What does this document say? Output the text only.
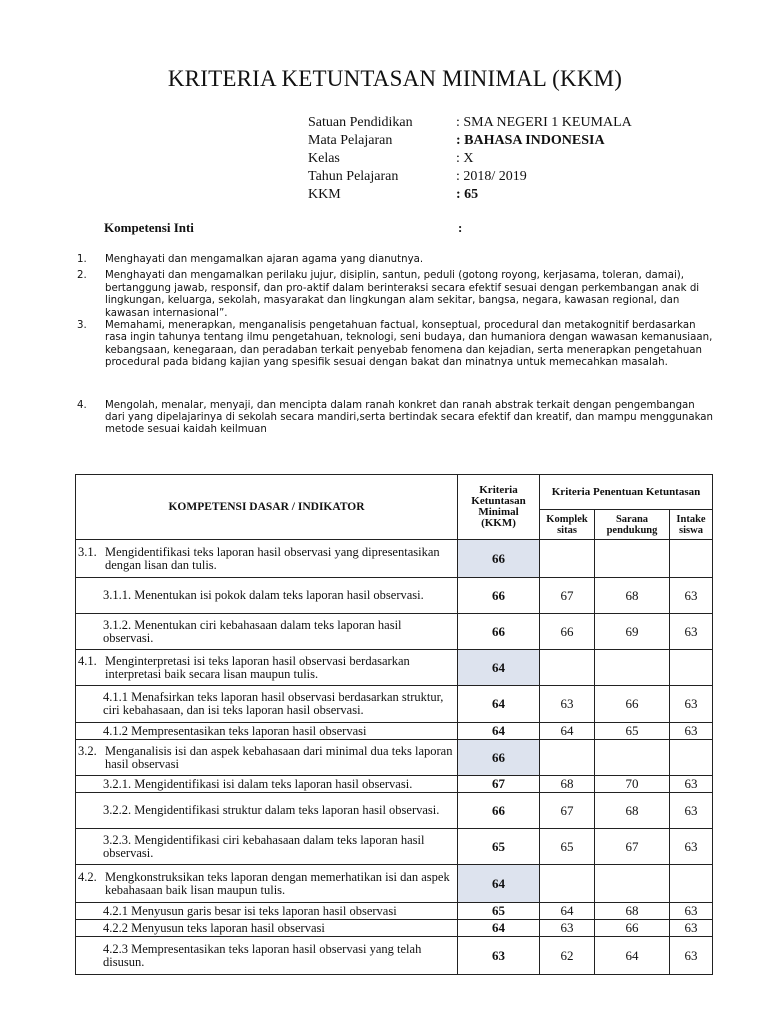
KRITERIA KETUNTASAN MINIMAL (KKM)
Satuan Pendidikan	: SMA NEGERI 1 KEUMALA
Mata Pelajaran	: BAHASA INDONESIA
Kelas	: X
Tahun Pelajaran	: 2018/ 2019
KKM	: 65
Kompetensi Inti	:
1. Menghayati dan mengamalkan ajaran agama yang dianutnya.
2. Menghayati dan mengamalkan perilaku jujur, disiplin, santun, peduli (gotong royong, kerjasama, toleran, damai), bertanggung jawab, responsif, dan pro-aktif dalam berinteraksi secara efektif sesuai dengan perkembangan anak di lingkungan, keluarga, sekolah, masyarakat dan lingkungan alam sekitar, bangsa, negara, kawasan regional, dan kawasan internasional”.
3. Memahami, menerapkan, menganalisis pengetahuan factual, konseptual, procedural dan metakognitif berdasarkan rasa ingin tahunya tentang ilmu pengetahuan, teknologi, seni budaya, dan humaniora dengan wawasan kemanusiaan, kebangsaan, kenegaraan, dan peradaban terkait penyebab fenomena dan kejadian, serta menerapkan pengetahuan procedural pada bidang kajian yang spesifik sesuai dengan bakat dan minatnya untuk memecahkan masalah.
4. Mengolah, menalar, menyaji, dan mencipta dalam ranah konkret dan ranah abstrak terkait dengan pengembangan dari yang dipelajarinya di sekolah secara mandiri,serta bertindak secara efektif dan kreatif, dan mampu menggunakan metode sesuai kaidah keilmuan
KOMPETENSI DASAR / INDIKATOR	Kriteria Ketuntasan Minimal (KKM)	Kriteria Penentuan Ketuntasan		
		Komplek sitas	Sarana pendukung	Intake siswa

3.1. Mengidentifikasi teks laporan hasil observasi yang dipresentasikan dengan lisan dan tulis.	66			

3.1.1. Menentukan isi pokok dalam teks laporan hasil observasi.	66	67	68	63

3.1.2. Menentukan ciri kebahasaan dalam teks laporan hasil observasi.	66	66	69	63

4.1. Menginterpretasi isi teks laporan hasil observasi berdasarkan interpretasi baik secara lisan maupun tulis.	64			

4.1.1 Menafsirkan teks laporan hasil observasi berdasarkan struktur, ciri kebahasaan, dan isi teks laporan hasil observasi.	64	63	66	63

4.1.2 Mempresentasikan teks laporan hasil observasi	64	64	65	63

3.2. Menganalisis isi dan aspek kebahasaan dari minimal dua teks laporan hasil observasi	66			

3.2.1. Mengidentifikasi isi dalam teks laporan hasil observasi.	67	68	70	63

3.2.2. Mengidentifikasi struktur dalam teks laporan hasil observasi.	66	67	68	63

3.2.3. Mengidentifikasi ciri kebahasaan dalam teks laporan hasil observasi.	65	65	67	63

4.2. Mengkonstruksikan teks laporan dengan memerhatikan isi dan aspek kebahasaan baik lisan maupun tulis.	64			

4.2.1 Menyusun garis besar isi teks laporan hasil observasi	65	64	68	63

4.2.2 Menyusun teks laporan hasil observasi	64	63	66	63

4.2.3 Mempresentasikan teks laporan hasil observasi yang telah disusun.	63	62	64	63
